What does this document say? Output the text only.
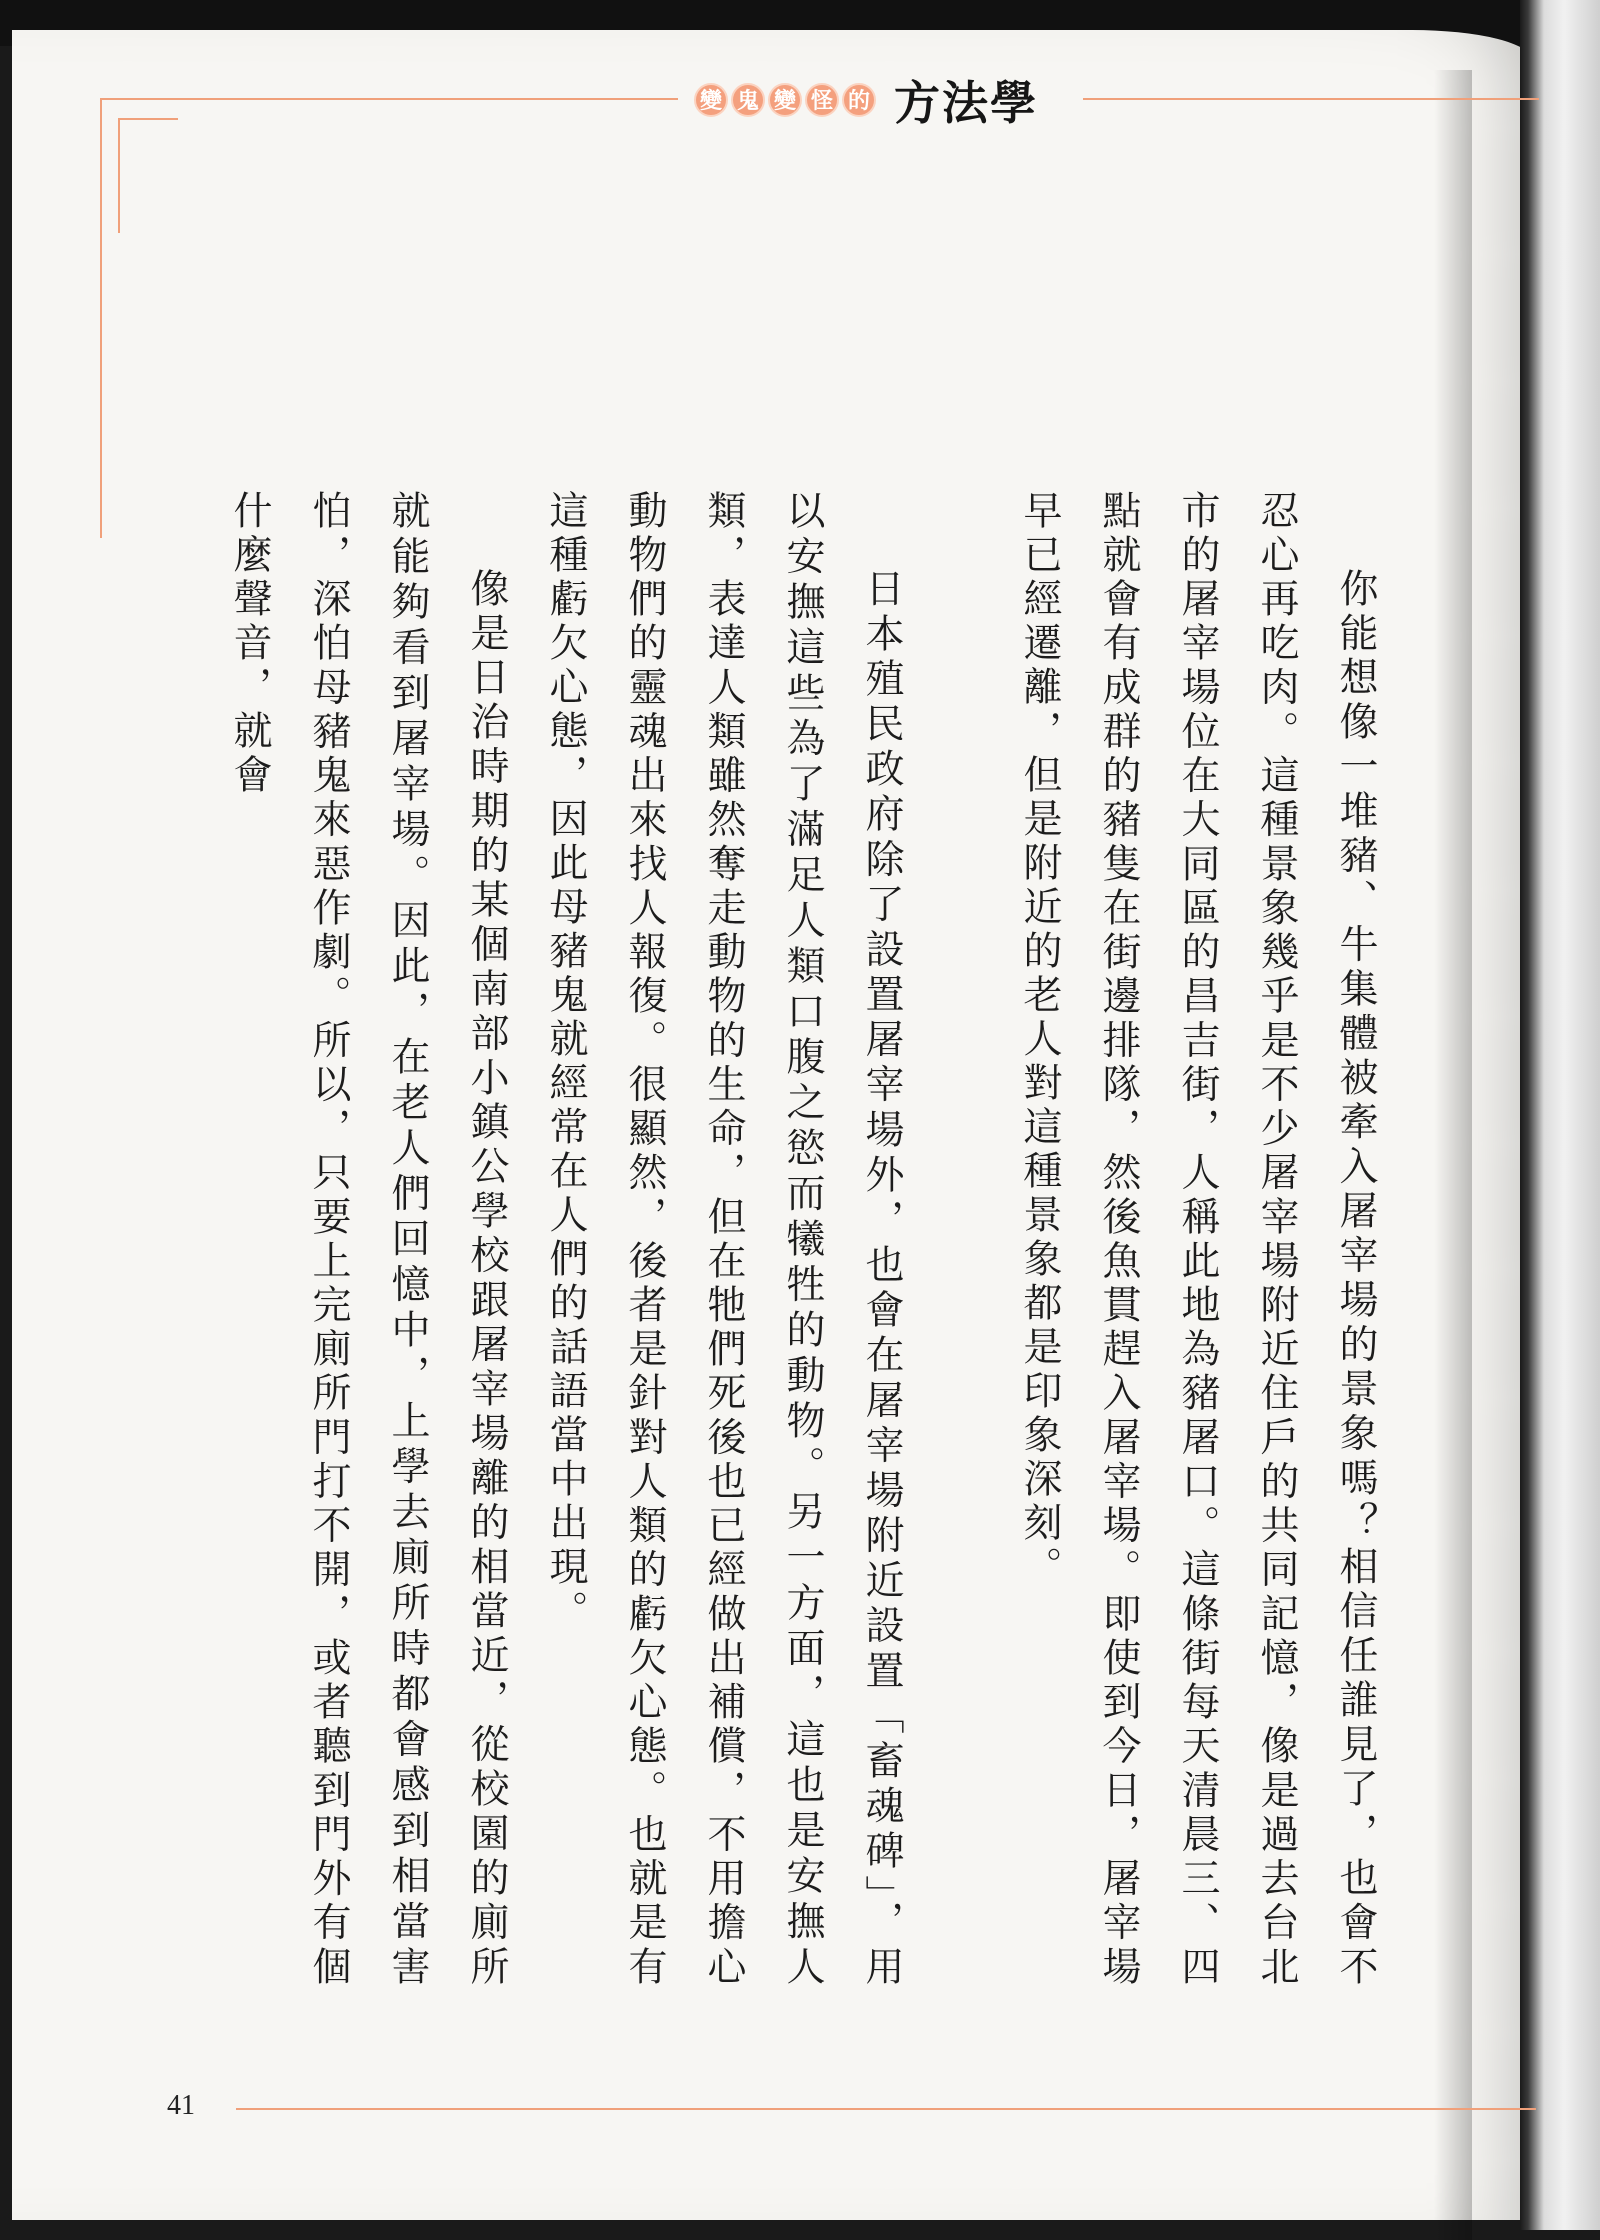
變 鬼 變 怪 的 方法學

你能想像一堆豬、牛集體被牽入屠宰場的景象嗎？相信任誰見了，也會不忍心再吃肉。這種景象幾乎是不少屠宰場附近住戶的共同記憶，像是過去台北市的屠宰場位在大同區的昌吉街，人稱此地為豬屠口。這條街每天清晨三、四點就會有成群的豬隻在街邊排隊，然後魚貫趕入屠宰場。即使到今日，屠宰場早已經遷離，但是附近的老人對這種景象都是印象深刻。

日本殖民政府除了設置屠宰場外，也會在屠宰場附近設置「畜魂碑」，用以安撫這些為了滿足人類口腹之慾而犧牲的動物。另一方面，這也是安撫人類，表達人類雖然奪走動物的生命，但在牠們死後也已經做出補償，不用擔心動物們的靈魂出來找人報復。很顯然，後者是針對人類的虧欠心態。也就是有這種虧欠心態，因此母豬鬼就經常在人們的話語當中出現。

像是日治時期的某個南部小鎮公學校跟屠宰場離的相當近，從校園的廁所就能夠看到屠宰場。因此，在老人們回憶中，上學去廁所時都會感到相當害怕，深怕母豬鬼來惡作劇。所以，只要上完廁所門打不開，或者聽到門外有個什麼聲音，就會

41
